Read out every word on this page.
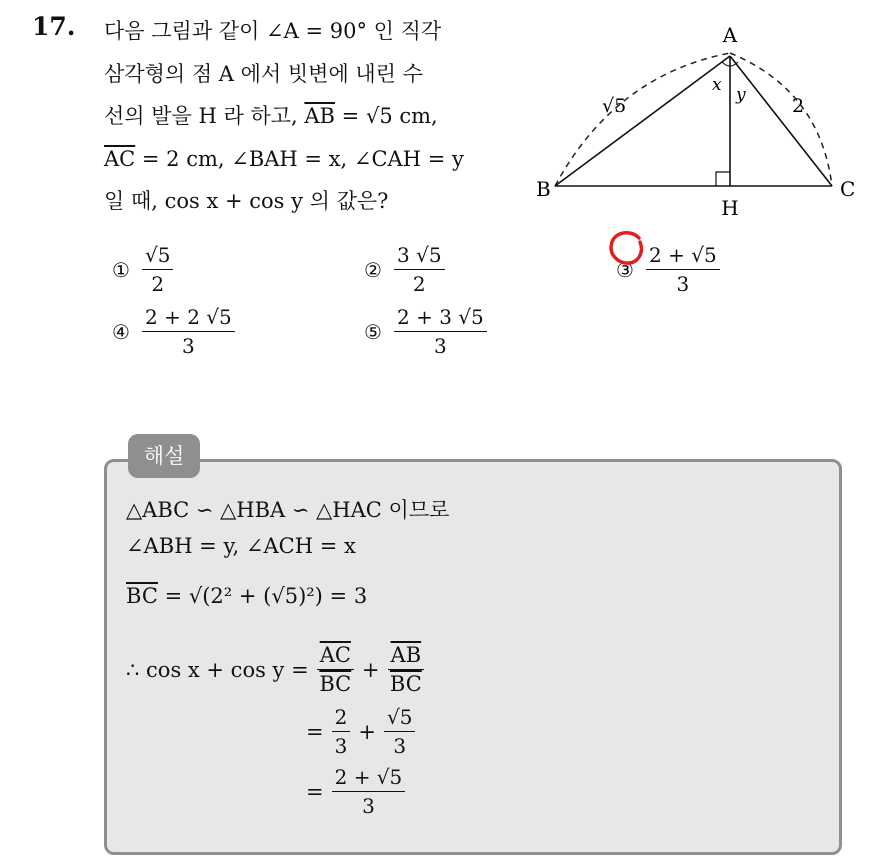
17. 다음 그림과 같이 ∠A = 90° 인 직각
삼각형의 점 A 에서 빗변에 내린 수
선의 발을 H 라 하고, $\overline{AB} = √5$ cm,
$\overline{AC} = 2$ cm, ∠BAH = x, ∠CAH = y
일 때, cos x + cos y 의 값은?
A
B	C
H
x y
√5	2
① $\frac{√5}{2}$	② $\frac{3 √5}{2}$	③ $\frac{2 + √5}{3}$
④ $\frac{2 + 2 √5}{3}$	⑤ $\frac{2 + 3 √5}{3}$
해설
△ABC ∽ △HBA ∽ △HAC 이므로
∠ABH = y, ∠ACH = x
$\overline{BC} = √(2^2 + (√5)^2) = 3$
∴ $\cos x + \cos y = \frac{\overline{AC}}{BC} + \frac{\overline{AB}}{BC}$
= $\frac{2}{3} + \frac{√5}{3}$
= $\frac{2 + √5}{3}$
